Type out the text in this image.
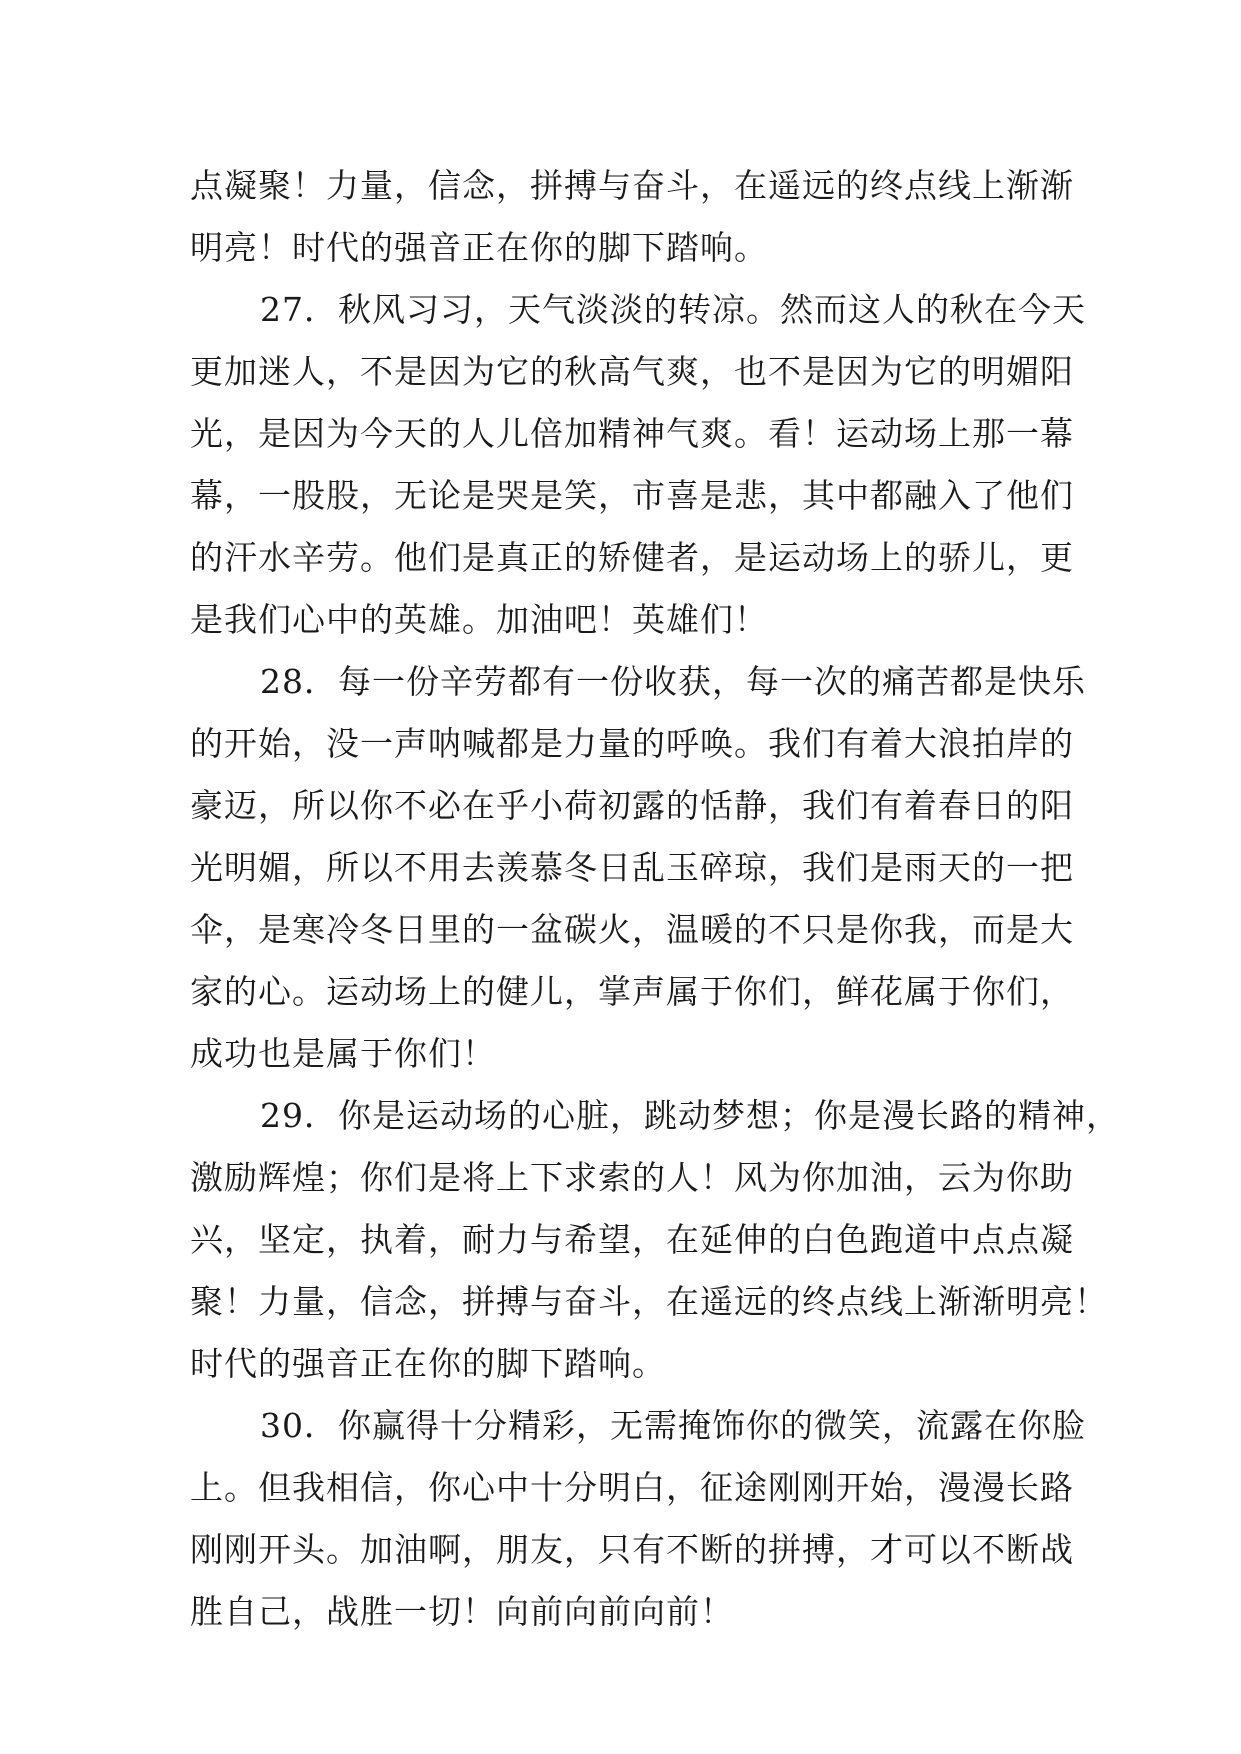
点凝聚！力量，信念，拼搏与奋斗，在遥远的终点线上渐渐
明亮！时代的强音正在你的脚下踏响。
27．秋风习习，天气淡淡的转凉。然而这人的秋在今天
更加迷人，不是因为它的秋高气爽，也不是因为它的明媚阳
光，是因为今天的人儿倍加精神气爽。看！运动场上那一幕
幕，一股股，无论是哭是笑，市喜是悲，其中都融入了他们
的汗水辛劳。他们是真正的矫健者，是运动场上的骄儿，更
是我们心中的英雄。加油吧！英雄们！
28．每一份辛劳都有一份收获，每一次的痛苦都是快乐
的开始，没一声呐喊都是力量的呼唤。我们有着大浪拍岸的
豪迈，所以你不必在乎小荷初露的恬静，我们有着春日的阳
光明媚，所以不用去羡慕冬日乱玉碎琼，我们是雨天的一把
伞，是寒冷冬日里的一盆碳火，温暖的不只是你我，而是大
家的心。运动场上的健儿，掌声属于你们，鲜花属于你们，
成功也是属于你们！
29．你是运动场的心脏，跳动梦想；你是漫长路的精神，
激励辉煌；你们是将上下求索的人！风为你加油，云为你助
兴，坚定，执着，耐力与希望，在延伸的白色跑道中点点凝
聚！力量，信念，拼搏与奋斗，在遥远的终点线上渐渐明亮！
时代的强音正在你的脚下踏响。
30．你赢得十分精彩，无需掩饰你的微笑，流露在你脸
上。但我相信，你心中十分明白，征途刚刚开始，漫漫长路
刚刚开头。加油啊，朋友，只有不断的拼搏，才可以不断战
胜自己，战胜一切！向前向前向前！
